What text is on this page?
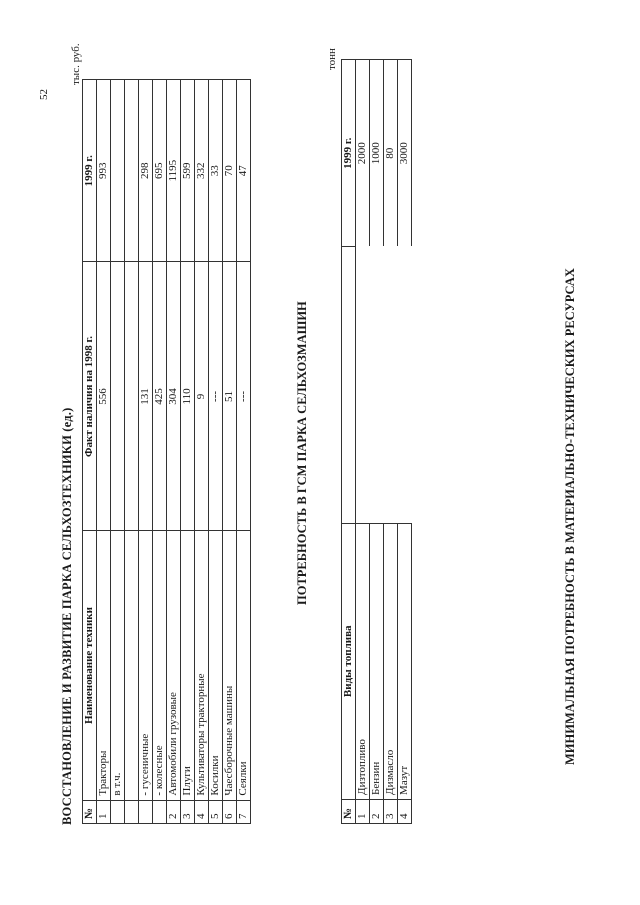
52
ВОССТАНОВЛЕНИЕ И РАЗВИТИЕ ПАРКА СЕЛЬХОЗТЕХНИКИ (ед.)
тыс. руб.
№	Наименование техники	Факт наличия на 1998 г.	1999 г.
1	Тракторы	556	993
	в т.ч.		

	- гусеничные	131	298
	- колесные	425	695
2	Автомобили грузовые	304	1195
3	Плуги	110	599
4	Культиваторы тракторные	9	332
5	Косилки	---	33
6	Чаесборочные машины	51	70
7	Сеялки	---	47
ПОТРЕБНОСТЬ В ГСМ ПАРКА СЕЛЬХОЗМАШИН
тонн
№	Виды топлива		1999 г.
1	Дизтопливо		2000
2	Бензин		1000
3	Дизмасло		80
4	Мазут		3000
МИНИМАЛЬНАЯ ПОТРЕБНОСТЬ В МАТЕРИАЛЬНО-ТЕХНИЧЕСКИХ РЕСУРСАХ
